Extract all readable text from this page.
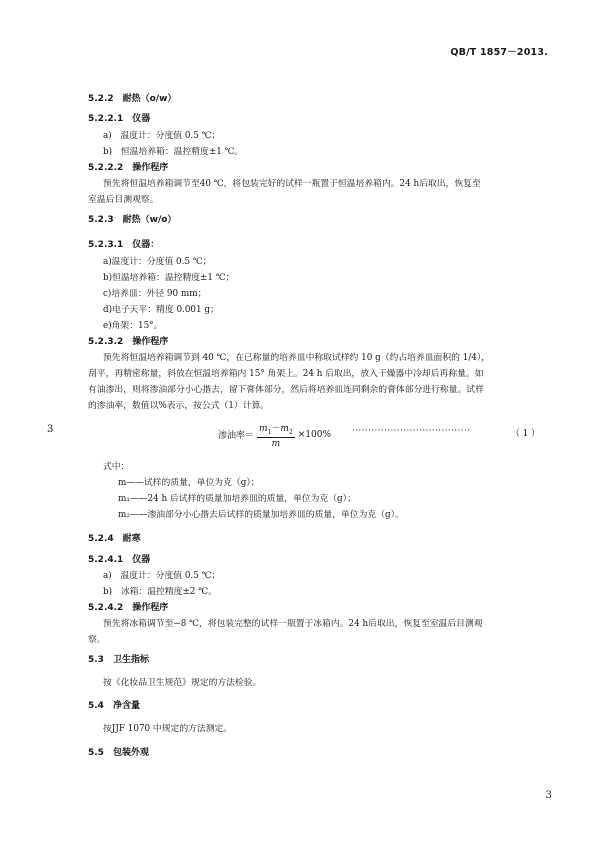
QB/T 1857－2013.
3
3
5.2.2　耐热（o/w）
5.2.2.1　仪器
a)　温度计：分度值 0.5 ℃；
b)　恒温培养箱：温控精度±1 ℃。
5.2.2.2　操作程序
预先将恒温培养箱调节至40 ℃，将包装完好的试样一瓶置于恒温培养箱内。24 h后取出，恢复至
室温后目测观察。
5.2.3　耐热（w/o）
5.2.3.1　仪器：
a)温度计：分度值 0.5 ℃；
b)恒温培养箱：温控精度±1 ℃；
c)培养皿：外径 90 mm；
d)电子天平：精度 0.001 g；
e)角架：15°。
5.2.3.2　操作程序
预先将恒温培养箱调节到 40 ℃，在已称量的培养皿中称取试样约 10 g（约占培养皿面积的 1/4），
刮平，再精密称量，斜放在恒温培养箱内 15° 角架上。24 h 后取出，放入干燥器中冷却后再称量。如
有油渗出，则将渗油部分小心揩去，留下膏体部分，然后将培养皿连同剩余的膏体部分进行称量。试样
的渗油率，数值以%表示，按公式（1）计算。
渗油率＝ $\frac{m_1-m_2}{m} \times 100\%$ ·····································	（ 1 ）
式中：
m——试样的质量，单位为克（g）；
m₁——24 h 后试样的质量加培养皿的质量，单位为克（g）；
m₂——渗油部分小心揩去后试样的质量加培养皿的质量，单位为克（g）。
5.2.4　耐寒
5.2.4.1　仪器
a)　温度计：分度值 0.5 ℃；
b)　冰箱：温控精度±2 ℃。
5.2.4.2　操作程序
预先将冰箱调节至−8 ℃，将包装完整的试样一瓶置于冰箱内。24 h后取出，恢复至室温后目测观
察。
5.3　卫生指标
按《化妆品卫生规范》规定的方法检验。
5.4　净含量
按JJF 1070 中规定的方法测定。
5.5　包装外观
